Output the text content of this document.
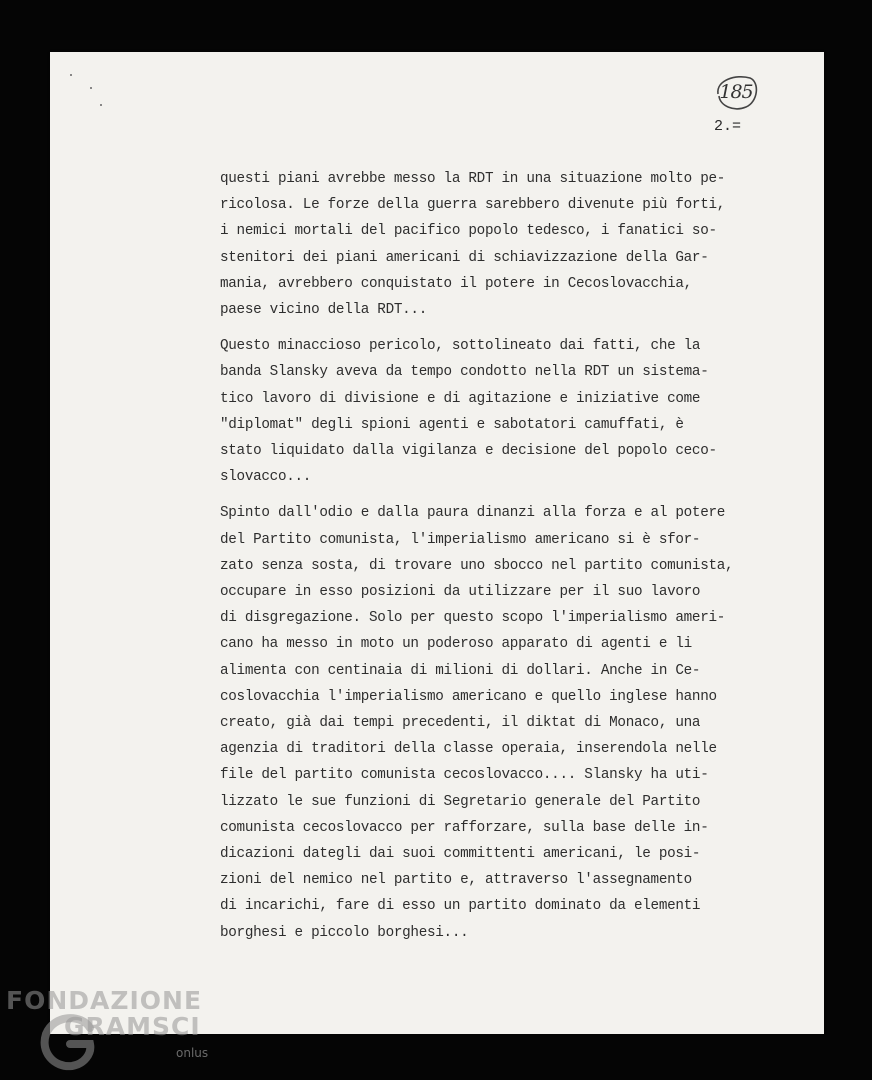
185
2.=
questi piani avrebbe messo la RDT in una situazione molto pe-
ricolosa. Le forze della guerra sarebbero divenute più forti,
i nemici mortali del pacifico popolo tedesco, i fanatici so-
stenitori dei piani americani di schiavizzazione della Gar-
mania, avrebbero conquistato il potere in Cecoslovacchia,
paese vicino della RDT...
Questo minaccioso pericolo, sottolineato dai fatti, che la
banda Slansky aveva da tempo condotto nella RDT un sistema-
tico lavoro di divisione e di agitazione e iniziative come
"diplomat" degli spioni agenti e sabotatori camuffati, è
stato liquidato dalla vigilanza e decisione del popolo ceco-
slovacco...
Spinto dall'odio e dalla paura dinanzi alla forza e al potere
del Partito comunista, l'imperialismo americano si è sfor-
zato senza sosta, di trovare uno sbocco nel partito comunista,
occupare in esso posizioni da utilizzare per il suo lavoro
di disgregazione. Solo per questo scopo l'imperialismo ameri-
cano ha messo in moto un poderoso apparato di agenti e li
alimenta con centinaia di milioni di dollari. Anche in Ce-
coslovacchia l'imperialismo americano e quello inglese hanno
creato, già dai tempi precedenti, il diktat di Monaco, una
agenzia di traditori della classe operaia, inserendola nelle
file del partito comunista cecoslovacco.... Slansky ha uti-
lizzato le sue funzioni di Segretario generale del Partito
comunista cecoslovacco per rafforzare, sulla base delle in-
dicazioni dategli dai suoi committenti americani, le posi-
zioni del nemico nel partito e, attraverso l'assegnamento
di incarichi, fare di esso un partito dominato da elementi
borghesi e piccolo borghesi...
FONDAZIONE
GRAMSCI
onlus
